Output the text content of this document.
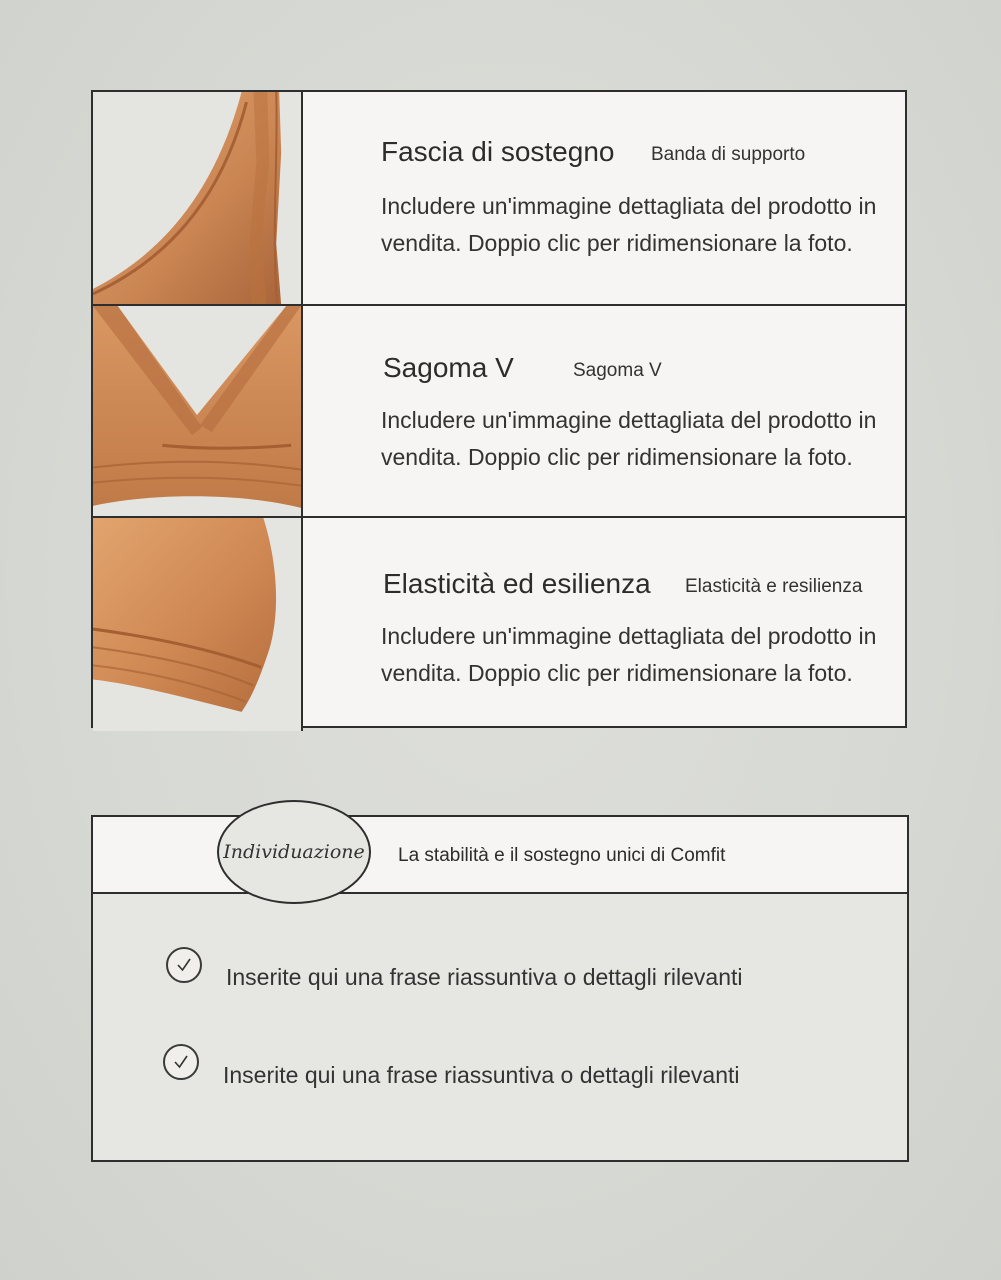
Fascia di sostegno Banda di supporto

Includere un'immagine dettagliata del prodotto in vendita. Doppio clic per ridimensionare la foto.

Sagoma V	Sagoma V

Includere un'immagine dettagliata del prodotto in vendita. Doppio clic per ridimensionare la foto.

Elasticità ed esilienza Elasticità e resilienza

Includere un'immagine dettagliata del prodotto in vendita. Doppio clic per ridimensionare la foto.

Individuazione La stabilità e il sostegno unici di Comfit
Inserite qui una frase riassuntiva o dettagli rilevanti
Inserite qui una frase riassuntiva o dettagli rilevanti
